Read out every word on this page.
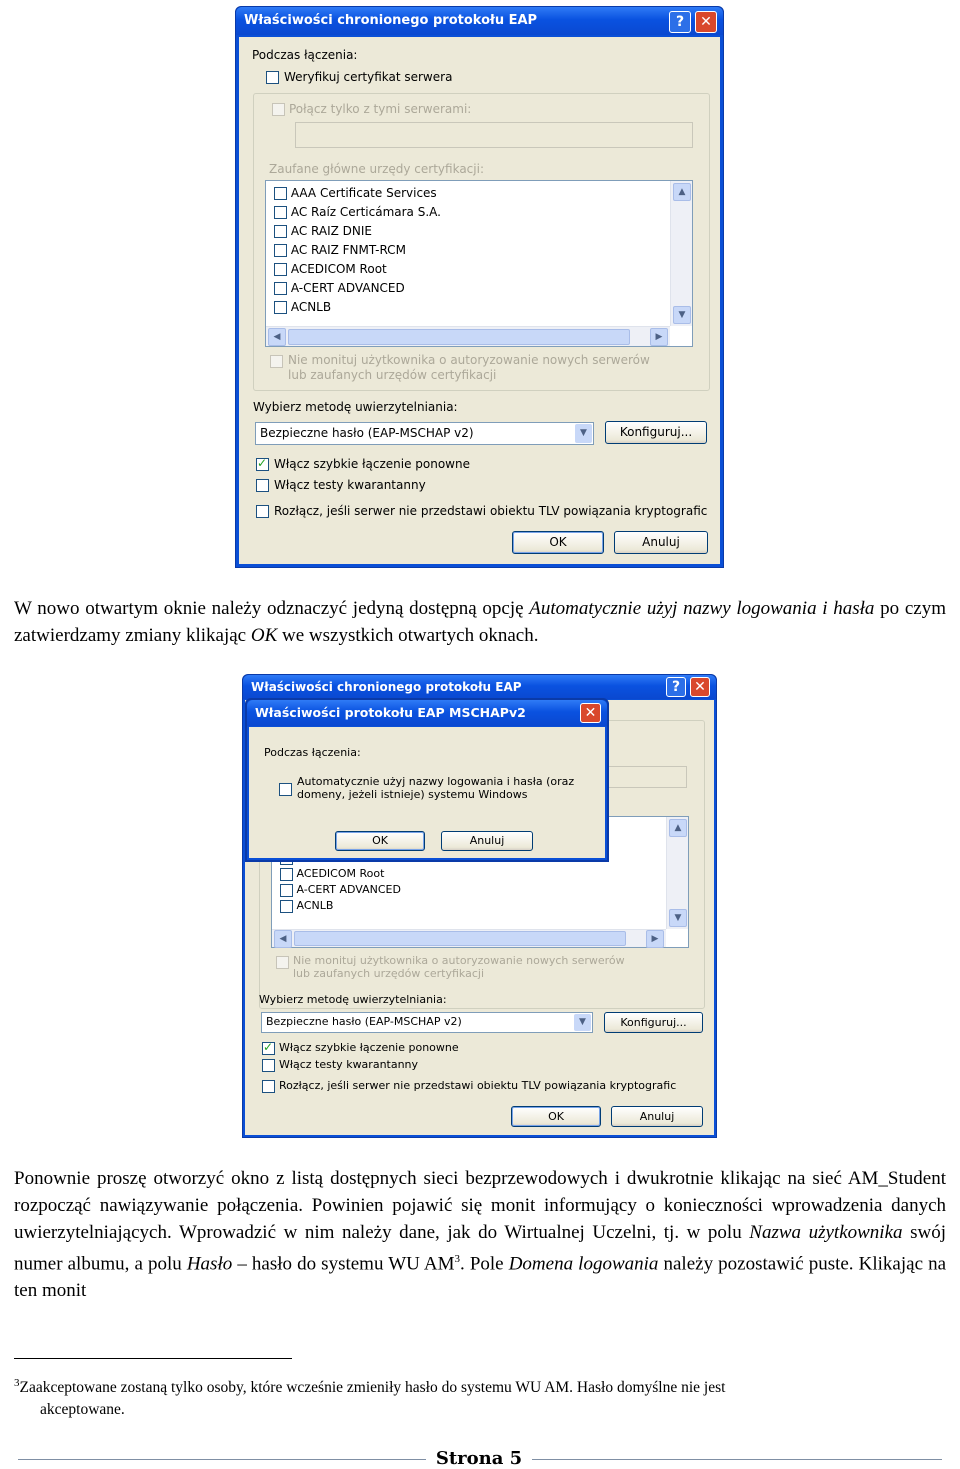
Właściwości chronionego protokołu EAP	?	✕
Podczas łączenia:
Weryfikuj certyfikat serwera
Połącz tylko z tymi serwerami:
Zaufane główne urzędy certyfikacji:
AAA Certificate Services
AC Raíz Certicámara S.A.
AC RAIZ DNIE
AC RAIZ FNMT-RCM
ACEDICOM Root
A-CERT ADVANCED
ACNLB
▲
▼
◀	▶
Nie monituj użytkownika o autoryzowanie nowych serwerów
lub zaufanych urzędów certyfikacji
Wybierz metodę uwierzytelniania:
Bezpieczne hasło (EAP-MSCHAP v2)	▼	Konfiguruj...
✓
Włącz szybkie łączenie ponowne
Włącz testy kwarantanny
Rozłącz, jeśli serwer nie przedstawi obiektu TLV powiązania kryptografic
OK	Anuluj
W nowo otwartym oknie należy odznaczyć jedyną dostępną opcję Automatycznie użyj nazwy logowania i hasła po czym zatwierdzamy zmiany klikając OK we wszystkich otwartych oknach.
Właściwości chronionego protokołu EAP	?	✕
ACEDICOM Root
A-CERT ADVANCED
ACNLB
▲
▼
◀	▶
Nie monituj użytkownika o autoryzowanie nowych serwerów
lub zaufanych urzędów certyfikacji
Wybierz metodę uwierzytelniania:
Bezpieczne hasło (EAP-MSCHAP v2)	▼	Konfiguruj...
✓
Włącz szybkie łączenie ponowne
Włącz testy kwarantanny
Rozłącz, jeśli serwer nie przedstawi obiektu TLV powiązania kryptografic
OK	Anuluj
Właściwości protokołu EAP MSCHAPv2	✕
Podczas łączenia:
Automatycznie użyj nazwy logowania i hasła (oraz
domeny, jeżeli istnieje) systemu Windows
OK	Anuluj
Ponownie proszę otworzyć okno z listą dostępnych sieci bezprzewodowych i dwukrotnie klikając na sieć AM_Student rozpocząć nawiązywanie połączenia. Powinien pojawić się monit informujący o konieczności wprowadzenia danych uwierzytelniających. Wprowadzić w nim należy dane, jak do Wirtualnej Uczelni, tj. w polu Nazwa użytkownika swój numer albumu, a polu Hasło – hasło do systemu WU $AM^3$. Pole Domena logowania należy pozostawić puste. Klikając na ten monit
$^3$Zaakceptowane zostaną tylko osoby, które wcześnie zmieniły hasło do systemu WU AM. Hasło domyślne nie jest
akceptowane.
Strona 5
